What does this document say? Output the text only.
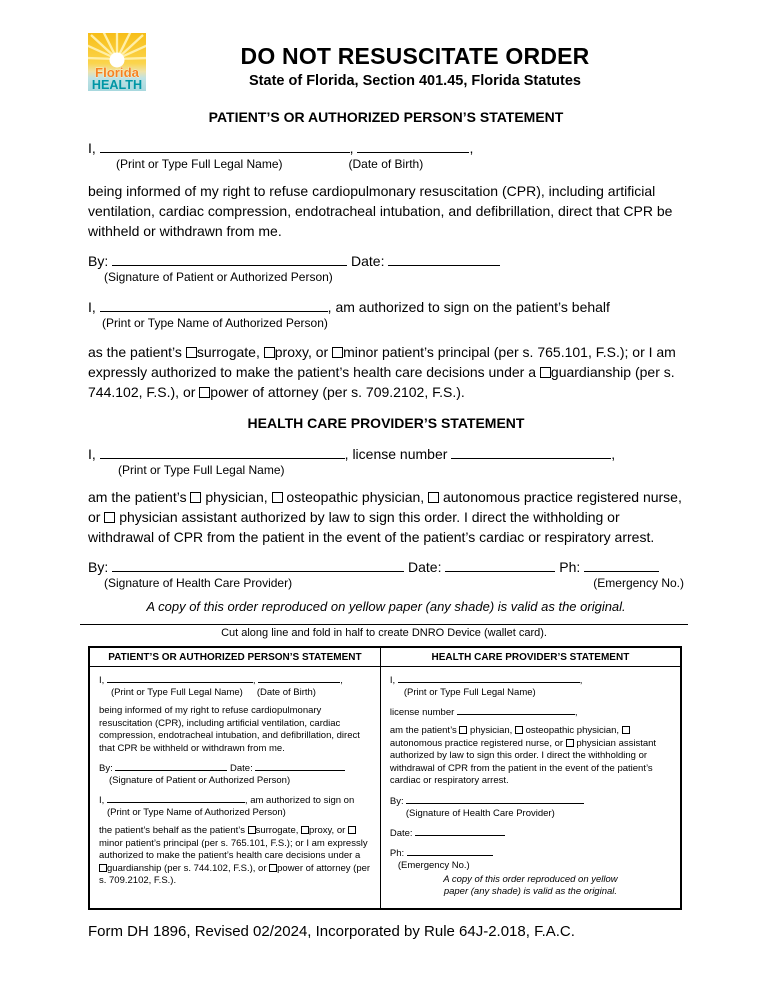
Florida
HEALTH
DO NOT RESUSCITATE ORDER
State of Florida, Section 401.45, Florida Statutes
PATIENT’S OR AUTHORIZED PERSON’S STATEMENT
I,	,	,
(Print or Type Full Legal Name)	(Date of Birth)

being informed of my right to refuse cardiopulmonary resuscitation (CPR), including artificial ventilation, cardiac compression, endotracheal intubation, and defibrillation, direct that CPR be withheld or withdrawn from me.

By:	Date:
(Signature of Patient or Authorized Person)
I,	, am authorized to sign on the patient’s behalf
(Print or Type Name of Authorized Person)

as the patient’s surrogate, proxy, or minor patient’s principal (per s. 765.101, F.S.); or I am expressly authorized to make the patient’s health care decisions under a guardianship (per s. 744.102, F.S.), or power of attorney (per s. 709.2102, F.S.).

HEALTH CARE PROVIDER’S STATEMENT
I,	, license number	,
(Print or Type Full Legal Name)

am the patient’s  physician,  osteopathic physician,  autonomous practice registered nurse, or  physician assistant authorized by law to sign this order. I direct the withholding or withdrawal of CPR from the patient in the event of the patient’s cardiac or respiratory arrest.

By:	Date:	Ph:
(Signature of Health Care Provider)	(Emergency No.)

A copy of this order reproduced on yellow paper (any shade) is valid as the original.

Cut along line and fold in half to create DNRO Device (wallet card).
PATIENT’S OR AUTHORIZED PERSON’S STATEMENT
I,	,	,
(Print or Type Full Legal Name) (Date of Birth)

being informed of my right to refuse cardiopulmonary resuscitation (CPR), including artificial ventilation, cardiac compression, endotracheal intubation, and defibrillation, direct that CPR be withheld or withdrawn from me.

By:	Date:
(Signature of Patient or Authorized Person)
I,	, am authorized to sign on
(Print or Type Name of Authorized Person)

the patient’s behalf as the patient’s surrogate, proxy, or minor patient’s principal (per s. 765.101, F.S.); or I am expressly authorized to make the patient’s health care decisions under a guardianship (per s. 744.102, F.S.), or power of attorney (per s. 709.2102, F.S.).

HEALTH CARE PROVIDER’S STATEMENT
I,	,
(Print or Type Full Legal Name)
license number	,

am the patient’s  physician,  osteopathic physician,  autonomous practice registered nurse, or  physician assistant authorized by law to sign this order. I direct the withholding or withdrawal of CPR from the patient in the event of the patient’s cardiac or respiratory arrest.

By:
(Signature of Health Care Provider)
Date:
Ph:
(Emergency No.)
A copy of this order reproduced on yellow
paper (any shade) is valid as the original.
Form DH 1896, Revised 02/2024, Incorporated by Rule 64J-2.018, F.A.C.
